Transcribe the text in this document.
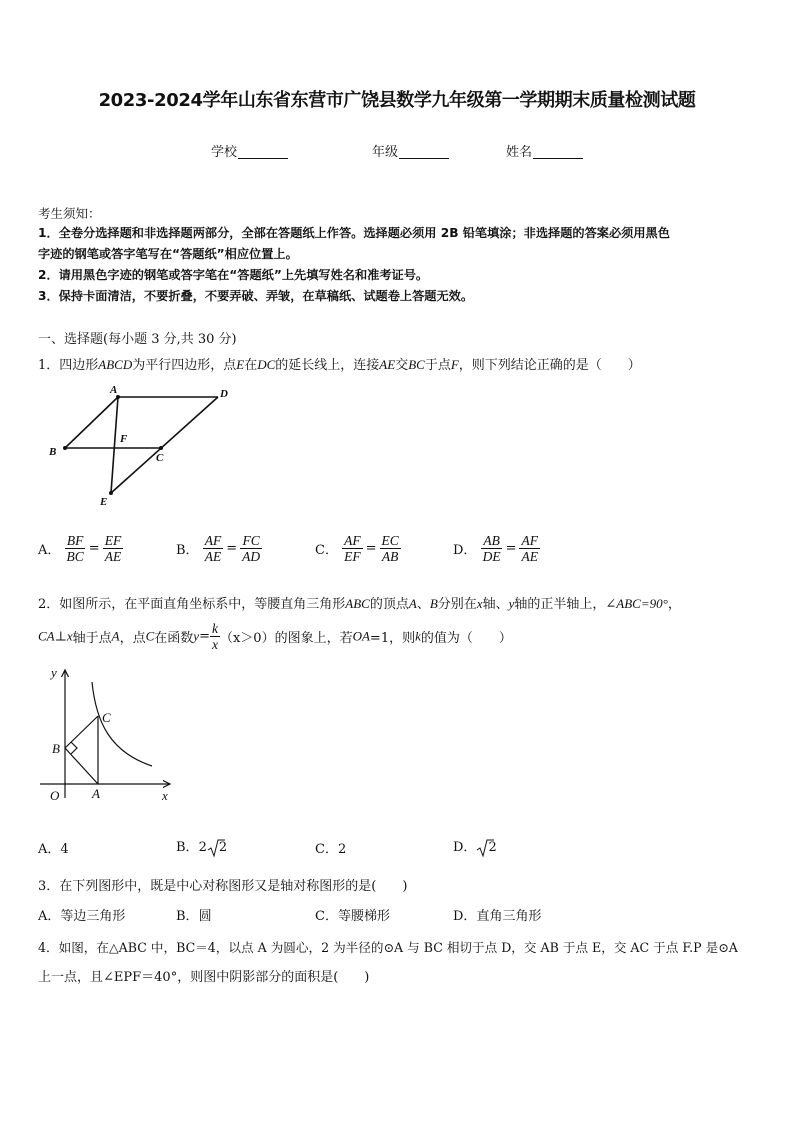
2023-2024学年山东省东营市广饶县数学九年级第一学期期末质量检测试题
学校	年级	姓名
考生须知：
1．全卷分选择题和非选择题两部分，全部在答题纸上作答。选择题必须用 2B 铅笔填涂；非选择题的答案必须用黑色
字迹的钢笔或答字笔写在“答题纸”相应位置上。
2．请用黑色字迹的钢笔或答字笔在“答题纸”上先填写姓名和准考证号。
3．保持卡面清洁，不要折叠，不要弄破、弄皱，在草稿纸、试题卷上答题无效。
一、选择题(每小题 3 分,共 30 分)
1．四边形ABCD为平行四边形，点E在DC的延长线上，连接AE交BC于点F，则下列结论正确的是（　　）
A	D
B	C
F
E
A． $\frac{BF}{BC} = \frac{EF}{AE}$	B． $\frac{AF}{AE} = \frac{FC}{AD}$	C． $\frac{AF}{EF} = \frac{EC}{AB}$	D． $\frac{AB}{DE} = \frac{AF}{AE}$
2．如图所示，在平面直角坐标系中，等腰直角三角形ABC的顶点A、B分别在x轴、y轴的正半轴上，∠ABC=90°，
CA⊥x轴于点A，点C在函数$y= \frac{k}{x} (x>0)$的图象上，若OA=1，则k的值为（　　）
y
x
O	A
B
C
A．4	B．2 2	C．2	D． 2
3．在下列图形中，既是中心对称图形又是轴对称图形的是(　　)
A．等边三角形	B．圆	C．等腰梯形	D．直角三角形
4．如图，在△ABC 中，BC＝4，以点 A 为圆心，2 为半径的⊙A 与 BC 相切于点 D，交 AB 于点 E，交 AC 于点 F.P 是⊙A
上一点，且∠EPF＝40°，则图中阴影部分的面积是(　　)
